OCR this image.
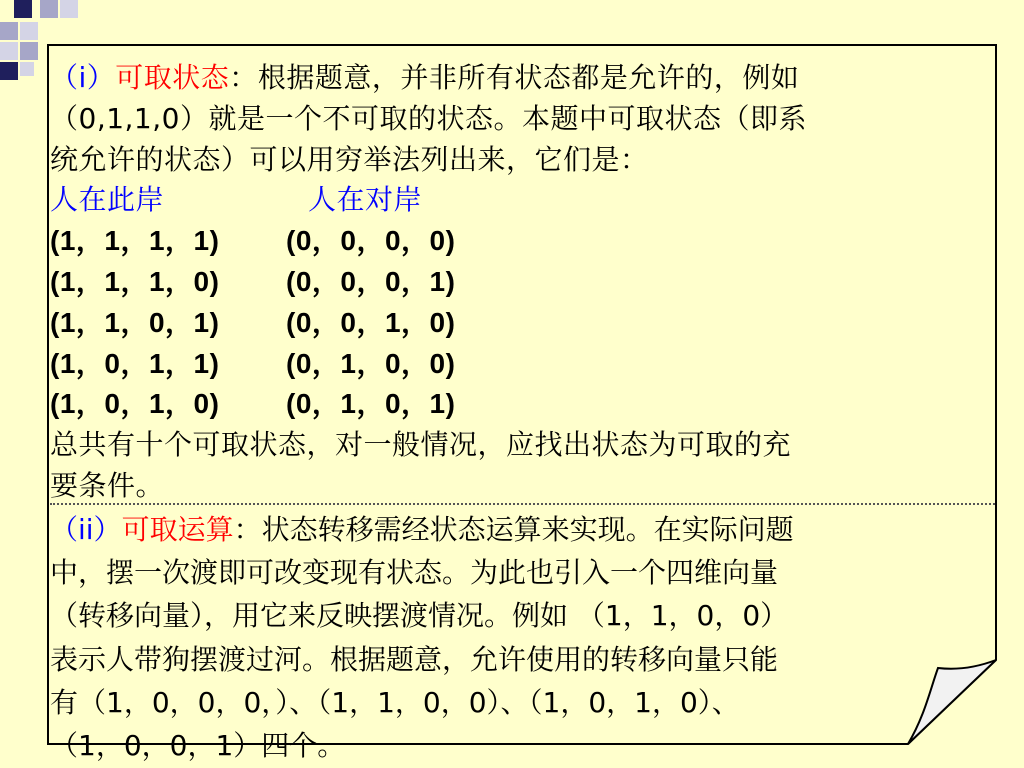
（i）可取状态：根据题意，并非所有状态都是允许的，例如
（0,1,1,0）就是一个不可取的状态。本题中可取状态（即系
统允许的状态）可以用穷举法列出来，它们是：
人在此岸	人在对岸
(1，1，1，1) (0，0，0，0)
(1，1，1，0) (0，0，0，1)
(1，1，0，1) (0，0，1，0)
(1，0，1，1) (0，1，0，0)
(1，0，1，0) (0，1，0，1)
总共有十个可取状态，对一般情况，应找出状态为可取的充
要条件。
（ii）可取运算：状态转移需经状态运算来实现。在实际问题
中，摆一次渡即可改变现有状态。为此也引入一个四维向量
（转移向量），用它来反映摆渡情况。例如 （1，1，0，0）
表示人带狗摆渡过河。根据题意，允许使用的转移向量只能
有（1，0，0，0，）、（1，1，0，0）、（1，0，1，0）、
（1，0，0，1）四个。
